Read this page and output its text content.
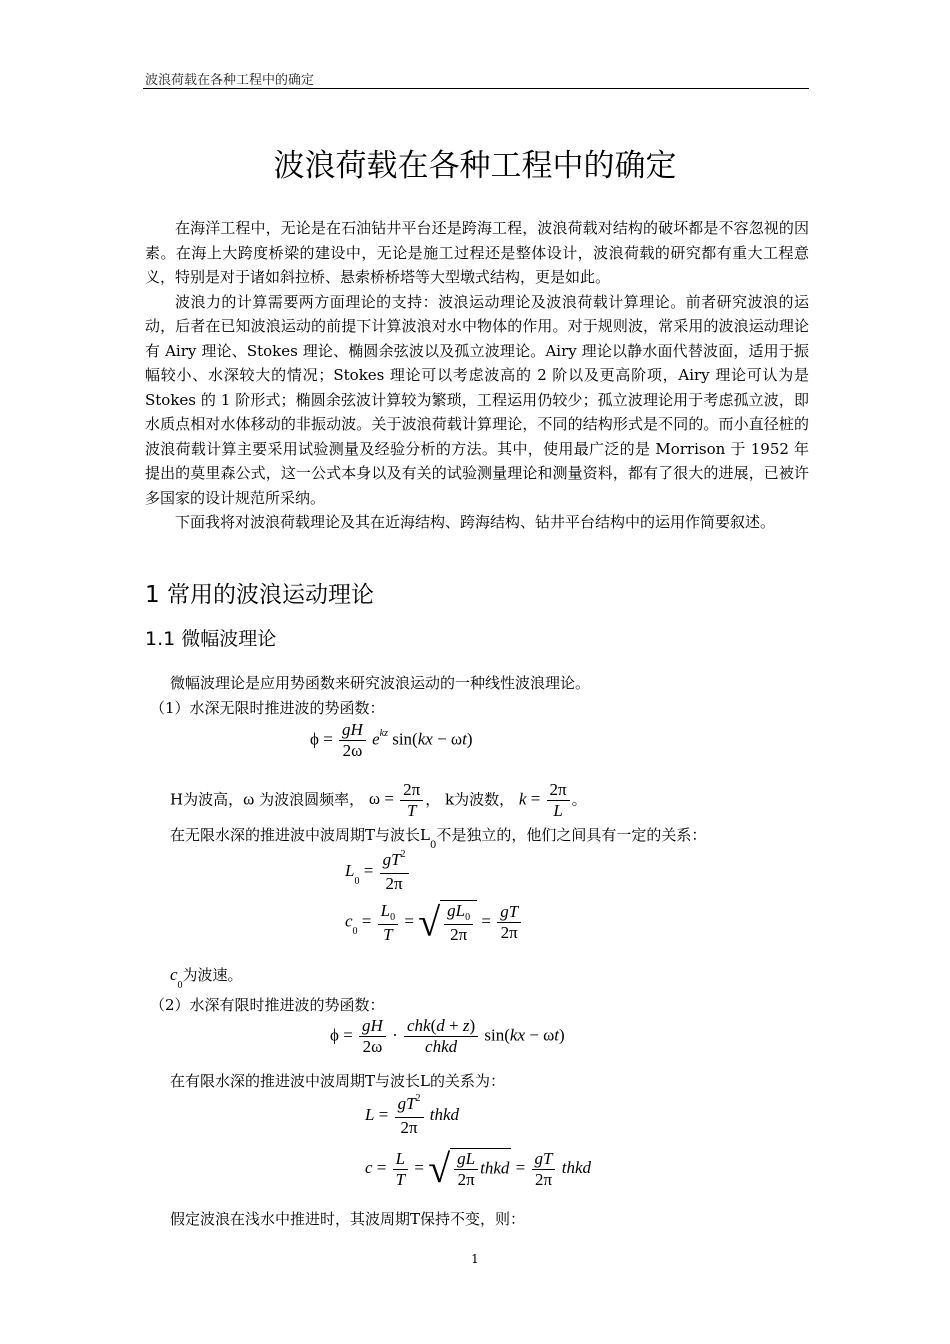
波浪荷载在各种工程中的确定
波浪荷载在各种工程中的确定

在海洋工程中，无论是在石油钻井平台还是跨海工程，波浪荷载对结构的破坏都是不容忽视的因素。在海上大跨度桥梁的建设中，无论是施工过程还是整体设计，波浪荷载的研究都有重大工程意义，特别是对于诸如斜拉桥、悬索桥桥塔等大型墩式结构，更是如此。

波浪力的计算需要两方面理论的支持：波浪运动理论及波浪荷载计算理论。前者研究波浪的运动，后者在已知波浪运动的前提下计算波浪对水中物体的作用。对于规则波，常采用的波浪运动理论有 Airy 理论、Stokes 理论、椭圆余弦波以及孤立波理论。Airy 理论以静水面代替波面，适用于振幅较小、水深较大的情况；Stokes 理论可以考虑波高的 2 阶以及更高阶项，Airy 理论可认为是 Stokes 的 1 阶形式；椭圆余弦波计算较为繁琐，工程运用仍较少；孤立波理论用于考虑孤立波，即水质点相对水体移动的非振动波。关于波浪荷载计算理论，不同的结构形式是不同的。而小直径桩的波浪荷载计算主要采用试验测量及经验分析的方法。其中，使用最广泛的是 Morrison 于 1952 年提出的莫里森公式，这一公式本身以及有关的试验测量理论和测量资料，都有了很大的进展，已被许多国家的设计规范所采纳。

下面我将对波浪荷载理论及其在近海结构、跨海结构、钻井平台结构中的运用作简要叙述。

1 常用的波浪运动理论
1.1 微幅波理论
微幅波理论是应用势函数来研究波浪运动的一种线性波浪理论。
（1）水深无限时推进波的势函数：
$\phi = \frac{gH}{2\omega} e^{kz}$ sin(kx − ωt)
H为波高，ω 为波浪圆频率， $\omega = \frac{2\pi}{T}$ ， k为波数， $k = \frac{2\pi}{L}$ 。
在无限水深的推进波中波周期T与波长$L_0$不是独立的，他们之间具有一定的关系：
$L_0 = \frac{gT^2}{2\pi}$
$c_0 = \frac{L_0}{T}$ = √ $\frac{gL_0}{2\pi} = \frac{gT}{2\pi}$
$c_0$为波速。
（2）水深有限时推进波的势函数：
$\phi = \frac{gH}{2\omega} \cdot \frac{\text{chk(d + z)}}{\text{chkd}} \sin(kx - \omega t)$
在有限水深的推进波中波周期T与波长L的关系为：
$L = \frac{gT^2}{2\pi}$ thkd
$c = \frac{L}{T}$ = √ $\frac{gL}{2\pi}$ thkd = $\frac{gT}{2\pi}$ thkd
假定波浪在浅水中推进时，其波周期T保持不变，则：
1
